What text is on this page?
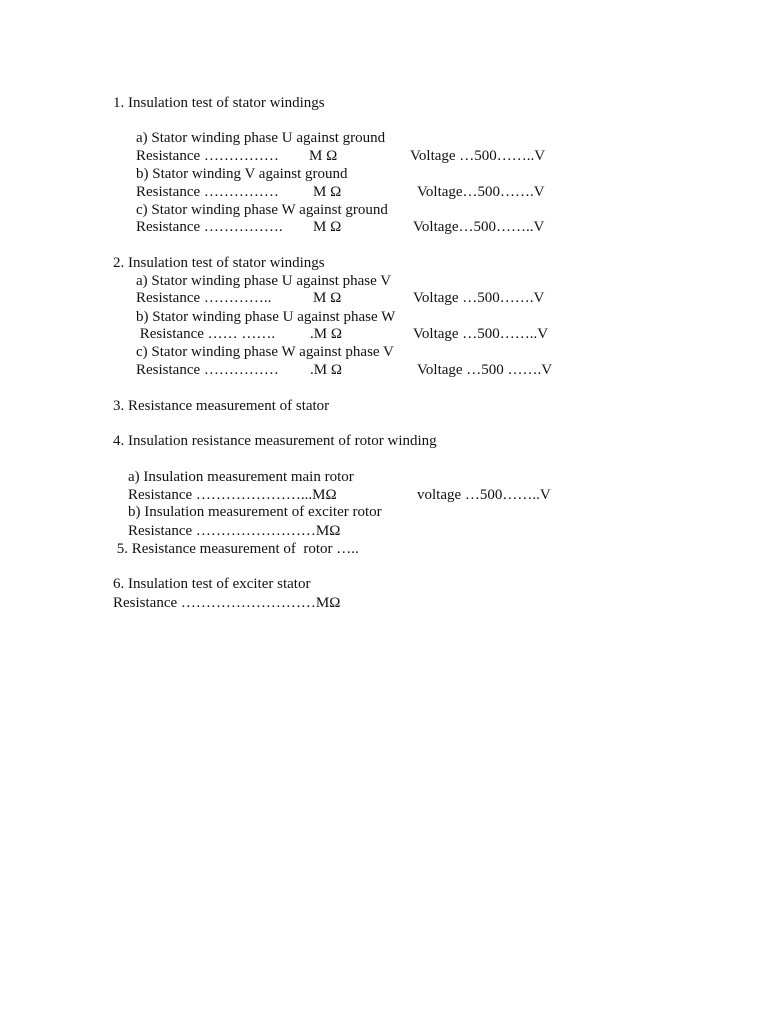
1. Insulation test of stator windings
a) Stator winding phase U against ground
Resistance …………… M Ω	Voltage …500……..V
b) Stator winding V against ground
Resistance …………… M Ω	Voltage…500…….V
c) Stator winding phase W against ground
Resistance ……………. M Ω	Voltage…500……..V
2. Insulation test of stator windings
a) Stator winding phase U against phase V
Resistance …………..	M Ω	Voltage …500…….V
b) Stator winding phase U against phase W
Resistance …… ……. .M Ω	Voltage …500……..V
c) Stator winding phase W against phase V
Resistance …………… .M Ω	Voltage …500 …….V
3. Resistance measurement of stator
4. Insulation resistance measurement of rotor winding
a) Insulation measurement main rotor
Resistance …………………...MΩ	voltage …500……..V
b) Insulation measurement of exciter rotor
Resistance ……………………MΩ
5. Resistance measurement of  rotor …..
6. Insulation test of exciter stator
Resistance ………………………MΩ
